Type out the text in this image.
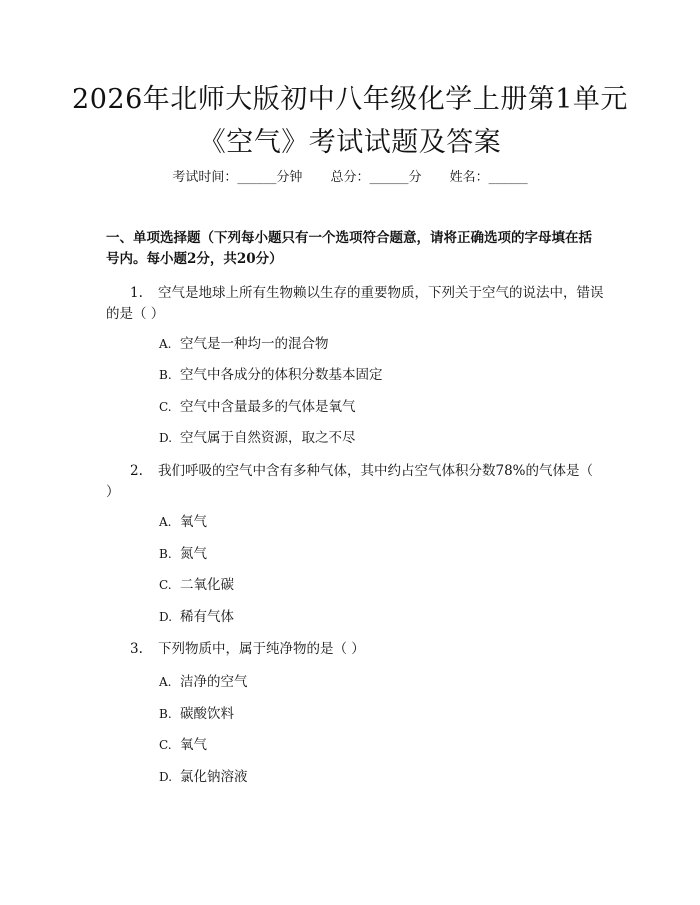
2026年北师大版初中八年级化学上册第1单元《空气》考试试题及答案
考试时间：______分钟 总分：______分 姓名：______

一、单项选择题（下列每小题只有一个选项符合题意，请将正确选项的字母填在括号内。每小题2分，共20分）

1. 空气是地球上所有生物赖以生存的重要物质，下列关于空气的说法中，错误的是（ ）

A. 空气是一种均一的混合物
B. 空气中各成分的体积分数基本固定
C. 空气中含量最多的气体是氧气
D. 空气属于自然资源，取之不尽

2. 我们呼吸的空气中含有多种气体，其中约占空气体积分数78%的气体是（ ）

A. 氧气
B. 氮气
C. 二氧化碳
D. 稀有气体

3. 下列物质中，属于纯净物的是（ ）

A. 洁净的空气
B. 碳酸饮料
C. 氧气
D. 氯化钠溶液
